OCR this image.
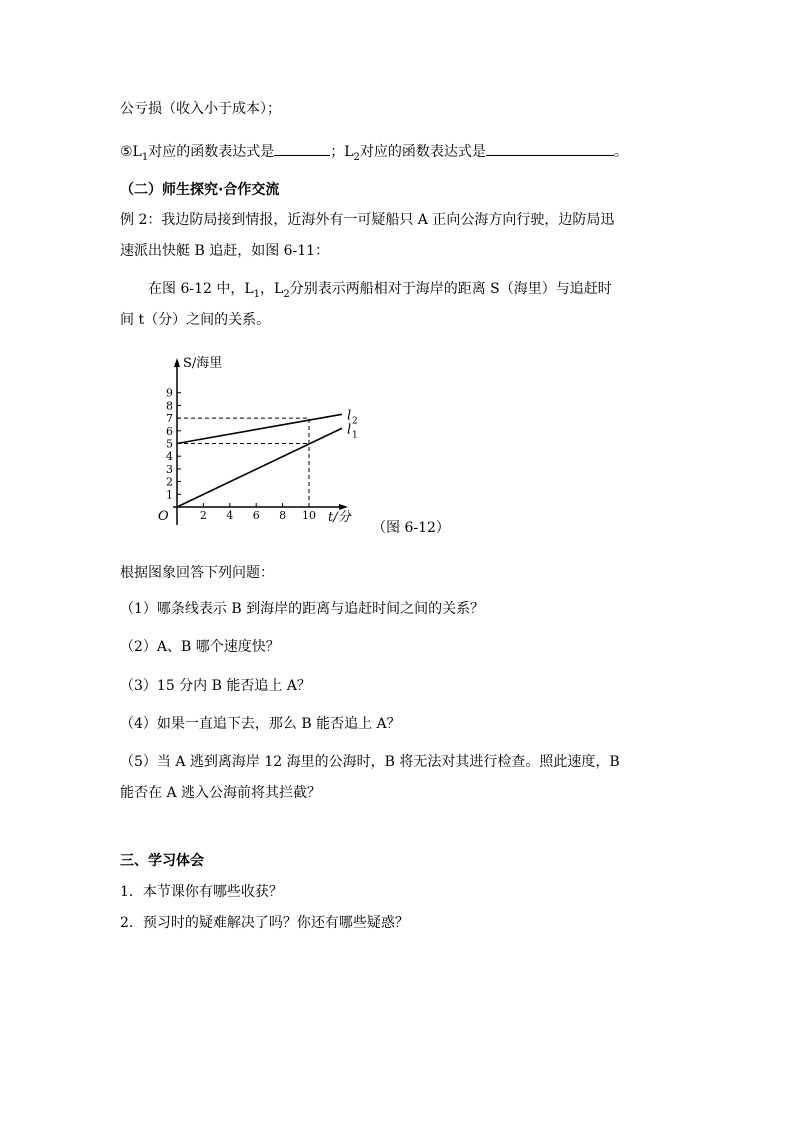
公亏损（收入小于成本）；
$⑤L_1$对应的函数表达式是	；$L_2$对应的函数表达式是	。
（二）师生探究·合作交流
例 2：我边防局接到情报，近海外有一可疑船只 A 正向公海方向行驶，边防局迅
速派出快艇 B 追赶，如图 6-11：
在图 6-12 中，$L_1$，$L_2$分别表示两船相对于海岸的距离 S（海里）与追赶时
间 t（分）之间的关系。
S/海里
t/分
O
1
2
3
4
5
6
7
8
9
2 4 6 8 10
l 1
l 2
（图 6-12）
根据图象回答下列问题：
（1）哪条线表示 B 到海岸的距离与追赶时间之间的关系？
（2）A、B 哪个速度快？
（3）15 分内 B 能否追上 A？
（4）如果一直追下去，那么 B 能否追上 A？
（5）当 A 逃到离海岸 12 海里的公海时，B 将无法对其进行检查。照此速度，B
能否在 A 逃入公海前将其拦截？
三、学习体会
1．本节课你有哪些收获？
2．预习时的疑难解决了吗？你还有哪些疑惑？
